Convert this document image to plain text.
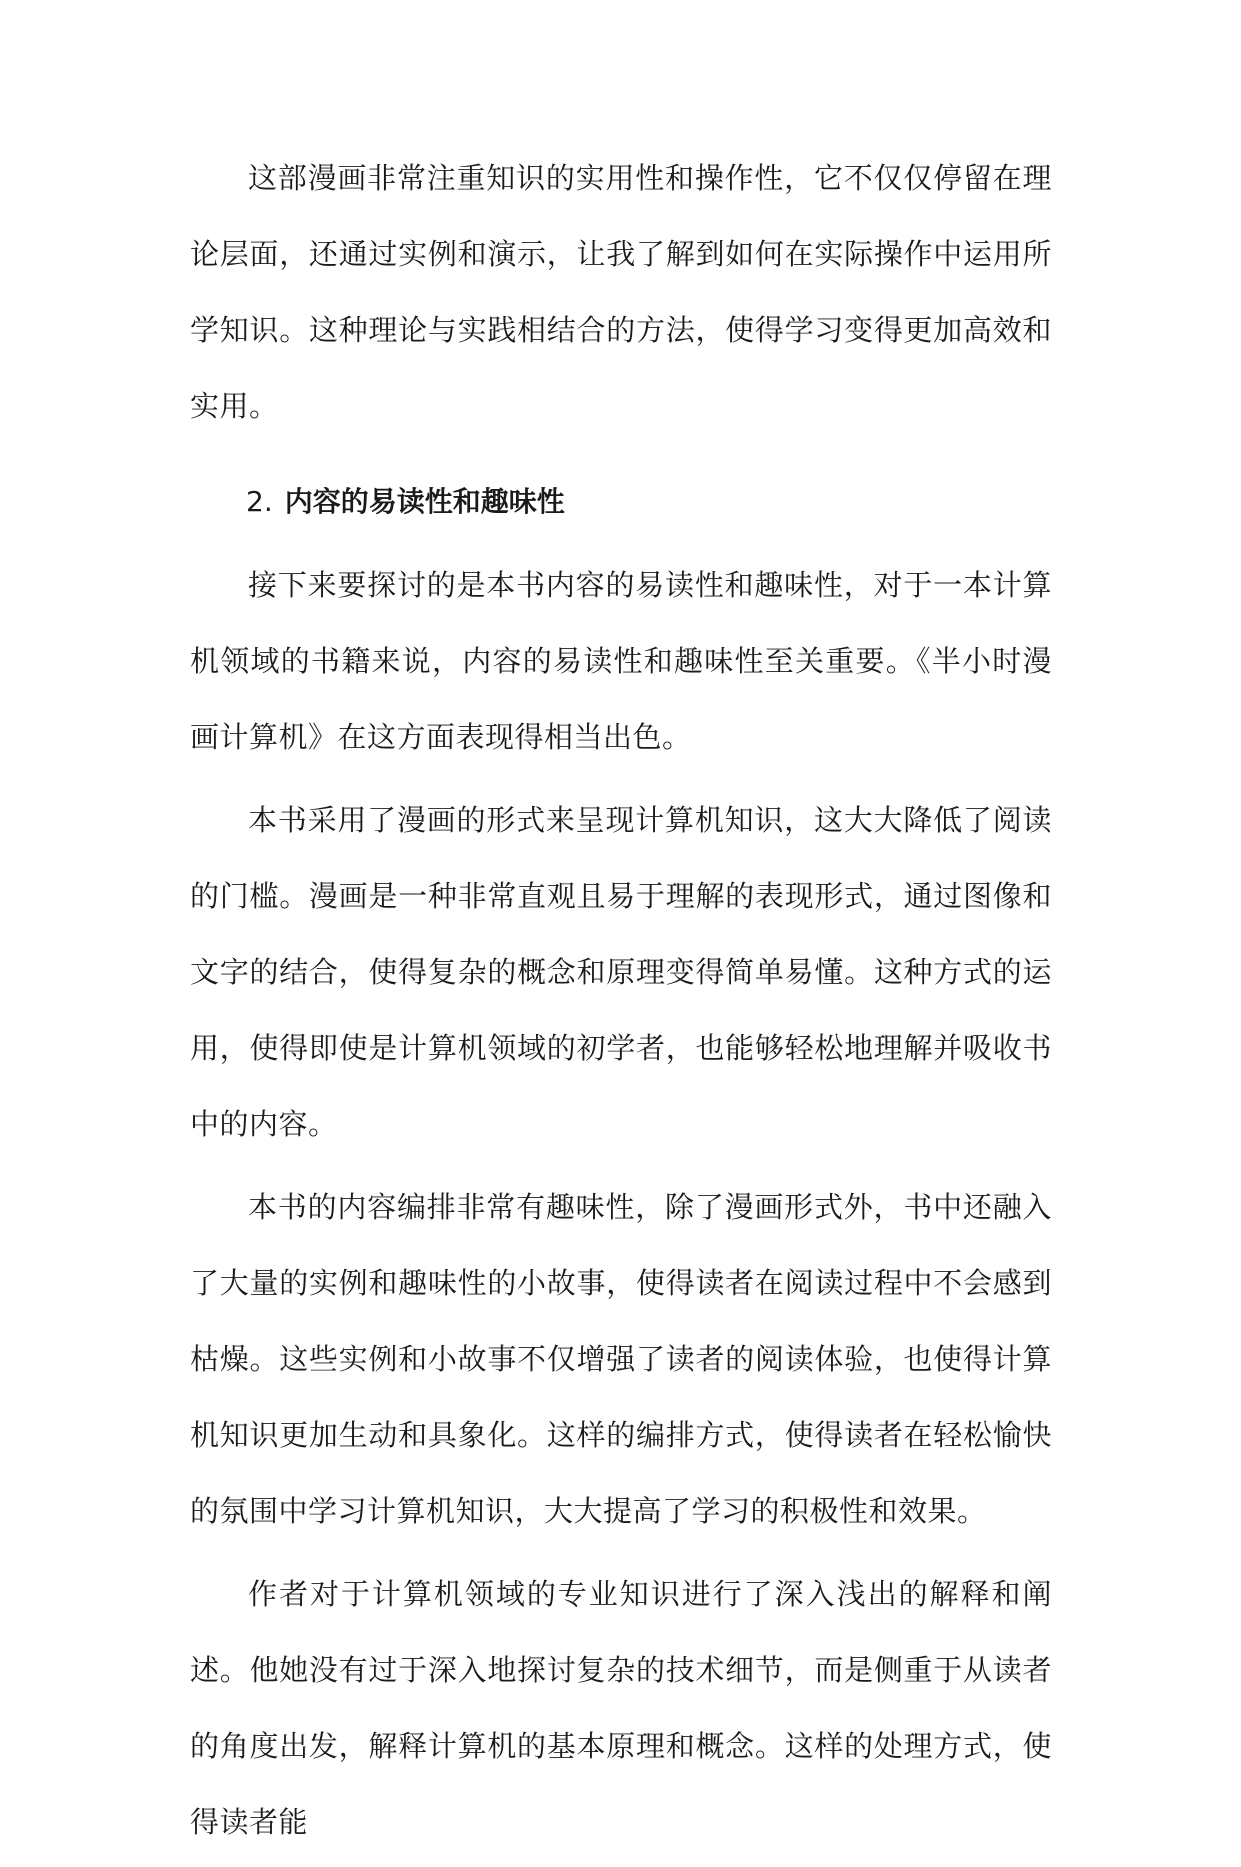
这部漫画非常注重知识的实用性和操作性，它不仅仅停留在理论层面，还通过实例和演示，让我了解到如何在实际操作中运用所学知识。这种理论与实践相结合的方法，使得学习变得更加高效和实用。

2. 内容的易读性和趣味性

接下来要探讨的是本书内容的易读性和趣味性，对于一本计算机领域的书籍来说，内容的易读性和趣味性至关重要。《半小时漫画计算机》在这方面表现得相当出色。

本书采用了漫画的形式来呈现计算机知识，这大大降低了阅读的门槛。漫画是一种非常直观且易于理解的表现形式，通过图像和文字的结合，使得复杂的概念和原理变得简单易懂。这种方式的运用，使得即使是计算机领域的初学者，也能够轻松地理解并吸收书中的内容。

本书的内容编排非常有趣味性，除了漫画形式外，书中还融入了大量的实例和趣味性的小故事，使得读者在阅读过程中不会感到枯燥。这些实例和小故事不仅增强了读者的阅读体验，也使得计算机知识更加生动和具象化。这样的编排方式，使得读者在轻松愉快的氛围中学习计算机知识，大大提高了学习的积极性和效果。

作者对于计算机领域的专业知识进行了深入浅出的解释和阐述。他她没有过于深入地探讨复杂的技术细节，而是侧重于从读者的角度出发，解释计算机的基本原理和概念。这样的处理方式，使得读者能
